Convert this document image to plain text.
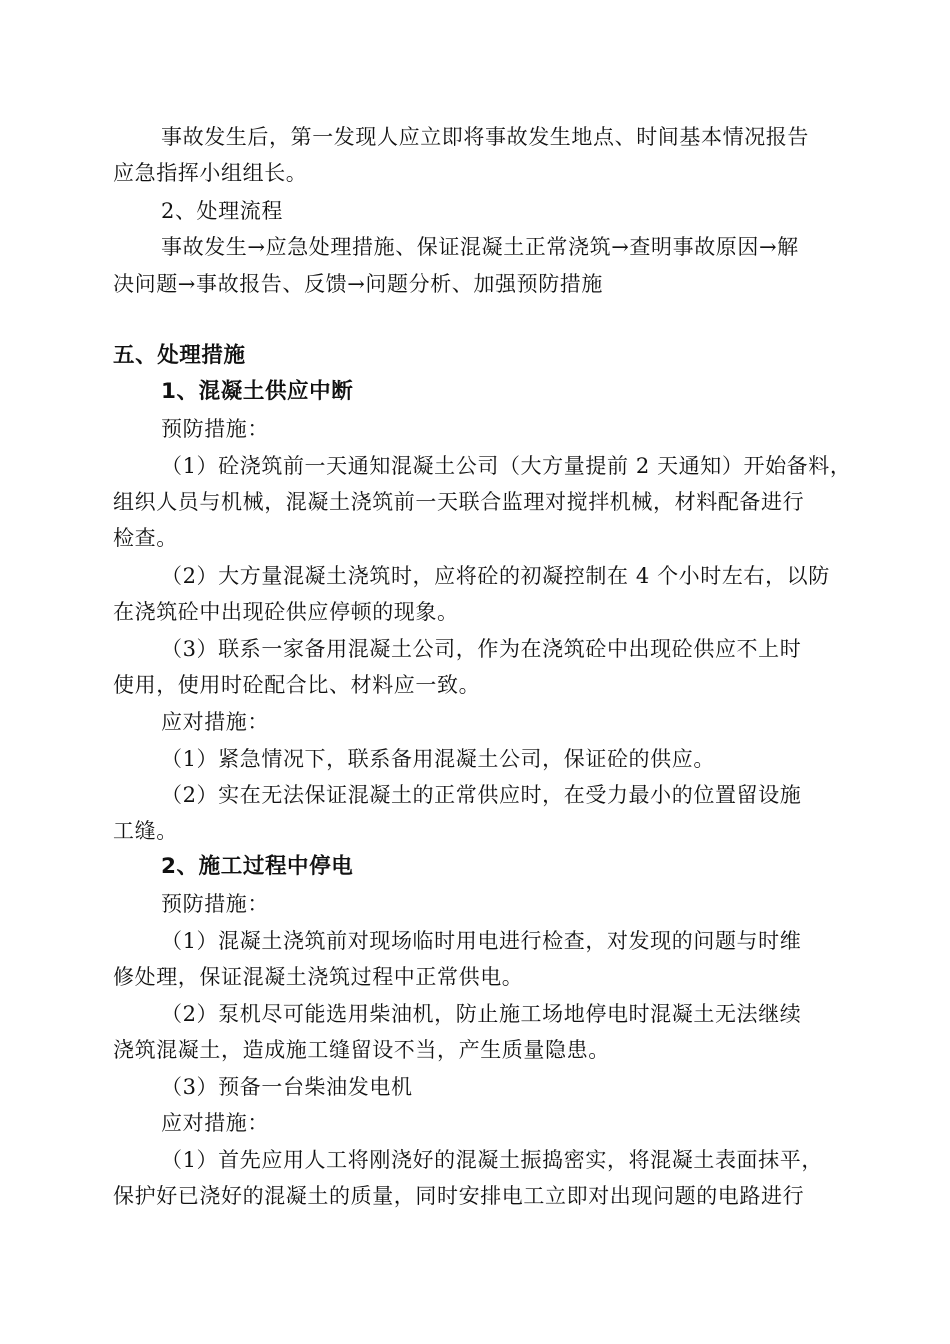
事故发生后，第一发现人应立即将事故发生地点、时间基本情况报告
应急指挥小组组长。
2、处理流程
事故发生→应急处理措施、保证混凝土正常浇筑→查明事故原因→解
决问题→事故报告、反馈→问题分析、加强预防措施
五、处理措施
1、混凝土供应中断
预防措施：
（1）砼浇筑前一天通知混凝土公司（大方量提前 2 天通知）开始备料，
组织人员与机械，混凝土浇筑前一天联合监理对搅拌机械，材料配备进行
检查。
（2）大方量混凝土浇筑时，应将砼的初凝控制在 4 个小时左右，以防
在浇筑砼中出现砼供应停顿的现象。
（3）联系一家备用混凝土公司，作为在浇筑砼中出现砼供应不上时
使用，使用时砼配合比、材料应一致。
应对措施：
（1）紧急情况下，联系备用混凝土公司，保证砼的供应。
（2）实在无法保证混凝土的正常供应时，在受力最小的位置留设施
工缝。
2、施工过程中停电
预防措施：
（1）混凝土浇筑前对现场临时用电进行检查，对发现的问题与时维
修处理，保证混凝土浇筑过程中正常供电。
（2）泵机尽可能选用柴油机，防止施工场地停电时混凝土无法继续
浇筑混凝土，造成施工缝留设不当，产生质量隐患。
（3）预备一台柴油发电机
应对措施：
（1）首先应用人工将刚浇好的混凝土振捣密实，将混凝土表面抹平，
保护好已浇好的混凝土的质量，同时安排电工立即对出现问题的电路进行
